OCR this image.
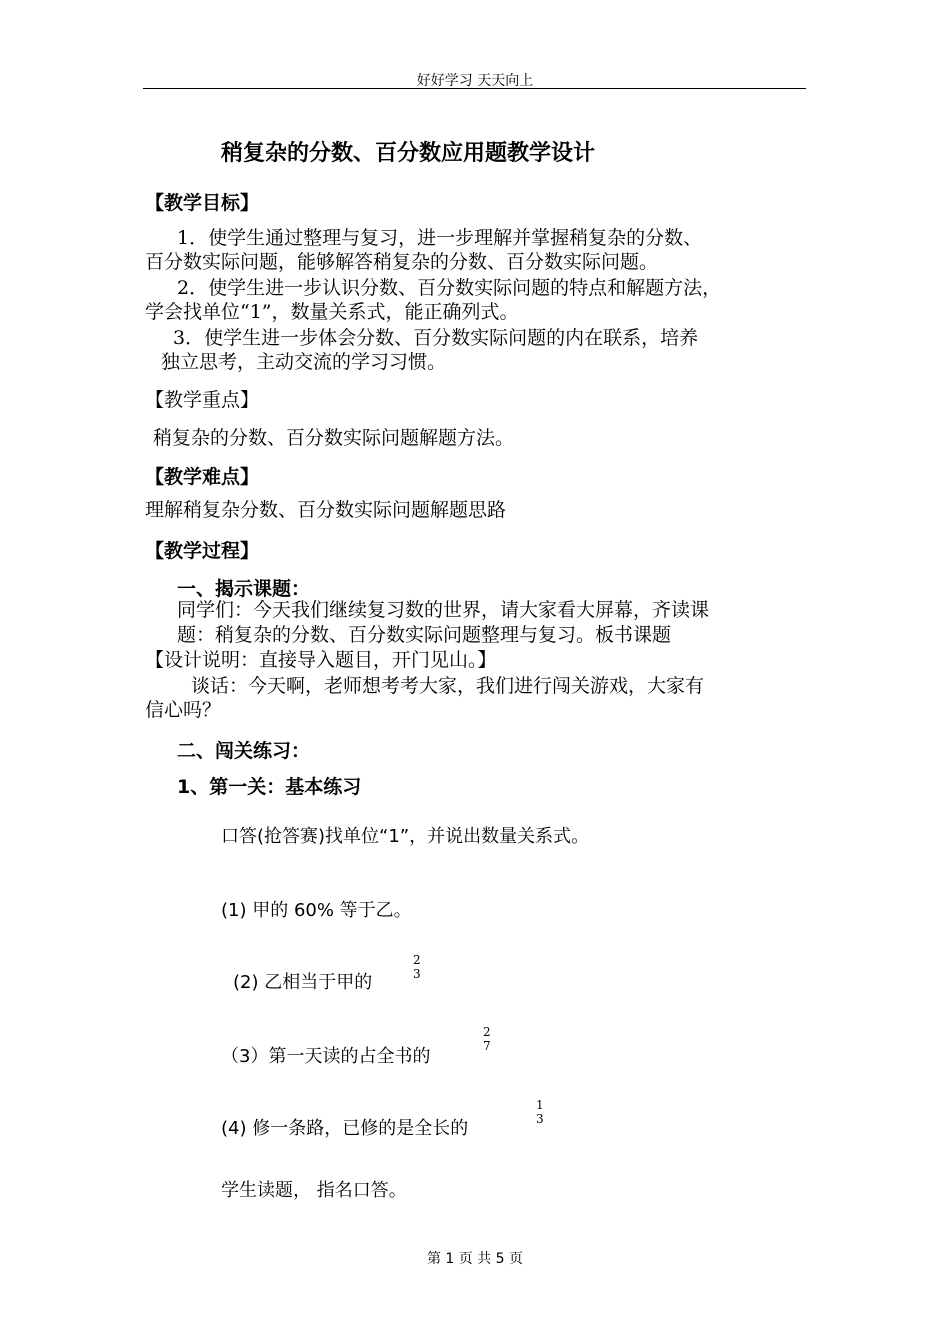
好好学习 天天向上
稍复杂的分数、百分数应用题教学设计
【教学目标】
1．使学生通过整理与复习，进一步理解并掌握稍复杂的分数、
百分数实际问题，能够解答稍复杂的分数、百分数实际问题。
2．使学生进一步认识分数、百分数实际问题的特点和解题方法，
学会找单位“1”，数量关系式，能正确列式。
3．使学生进一步体会分数、百分数实际问题的内在联系，培养
独立思考，主动交流的学习习惯。
【教学重点】
稍复杂的分数、百分数实际问题解题方法。
【教学难点】
理解稍复杂分数、百分数实际问题解题思路
【教学过程】
一、揭示课题：
同学们：今天我们继续复习数的世界，请大家看大屏幕，齐读课
题：稍复杂的分数、百分数实际问题整理与复习。板书课题
【设计说明：直接导入题目，开门见山。】
谈话：今天啊，老师想考考大家，我们进行闯关游戏，大家有
信心吗？
二、闯关练习：
1、第一关：基本练习
口答(抢答赛)找单位“1”，并说出数量关系式。
(1) 甲的 60% 等于乙。
(2) 乙相当于甲的
2
3
（3）第一天读的占全书的
2
7
(4) 修一条路，已修的是全长的
1
3
学生读题， 指名口答。
第 1 页 共 5 页
